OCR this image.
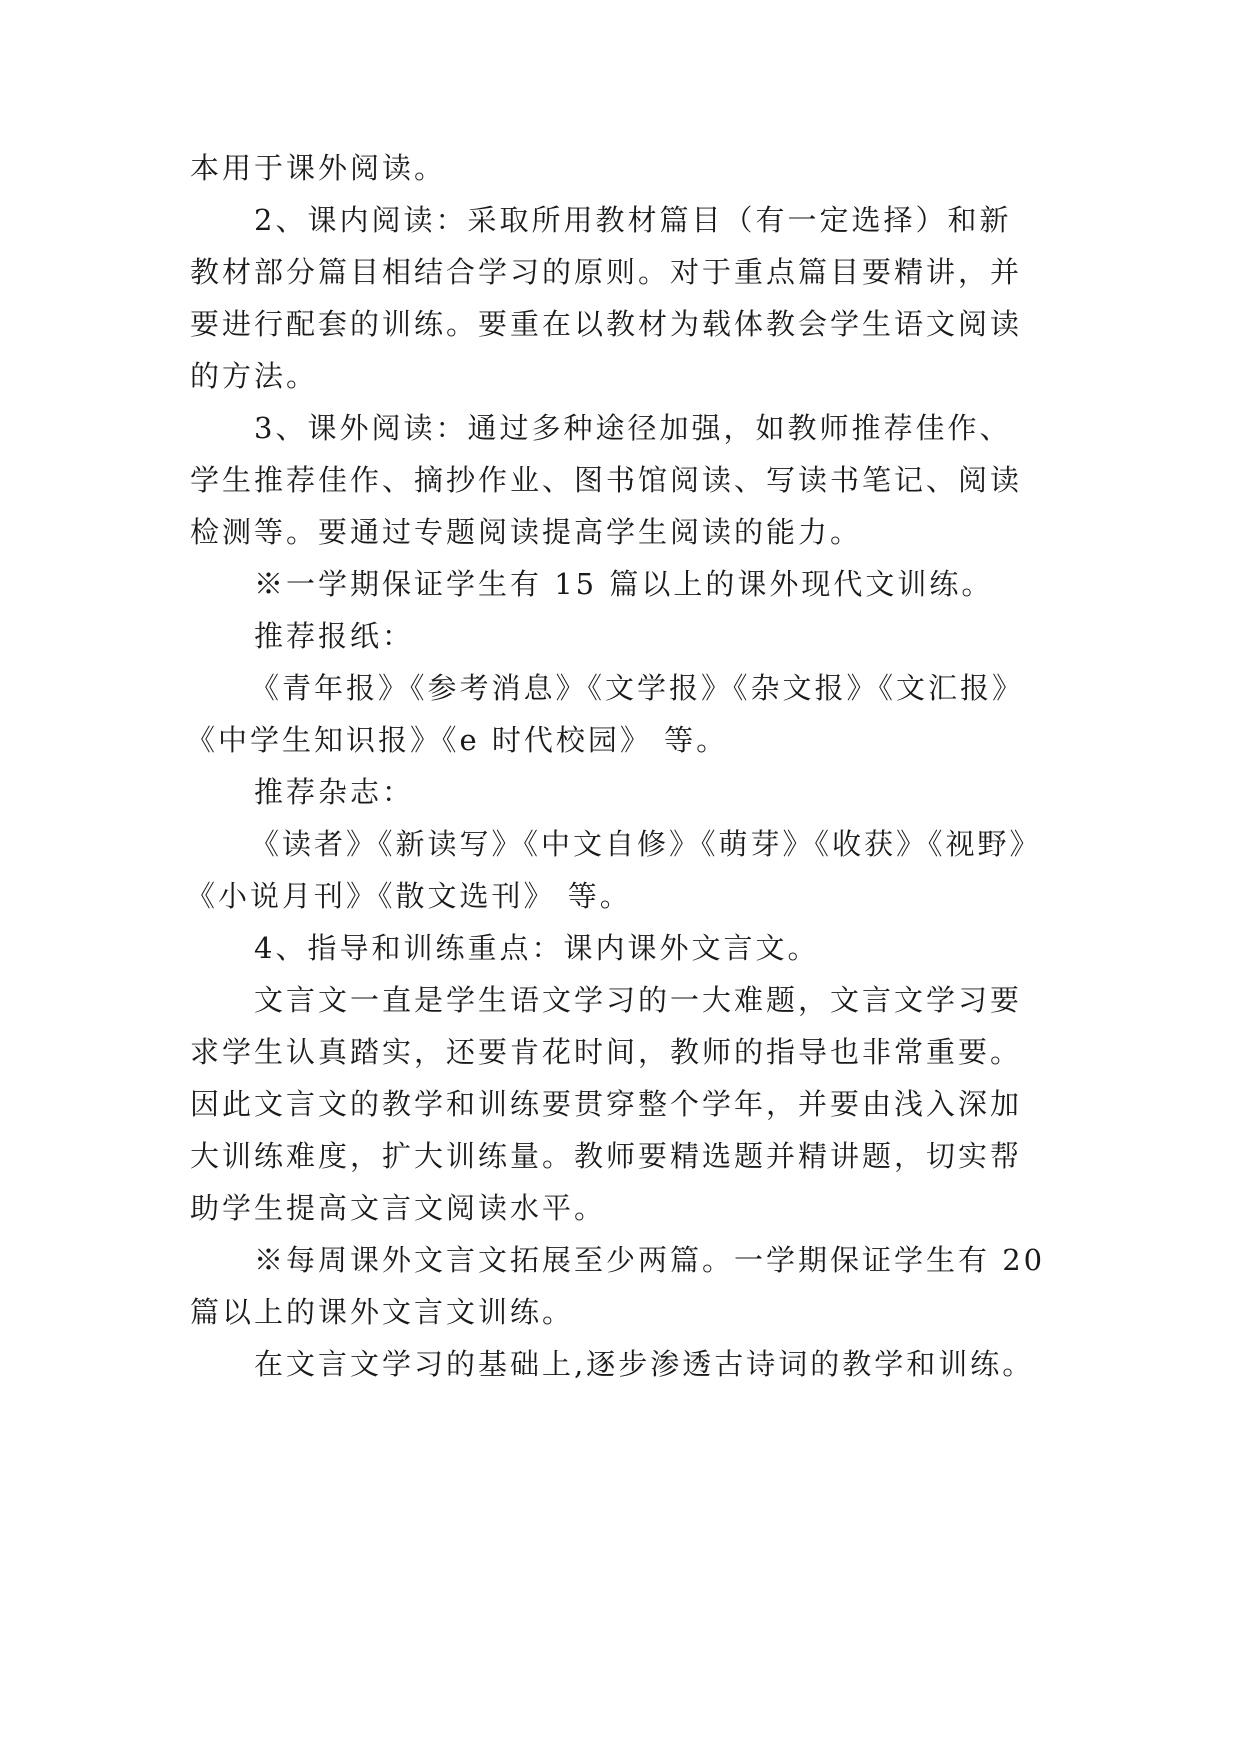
本用于课外阅读。
2、课内阅读：采取所用教材篇目（有一定选择）和新
教材部分篇目相结合学习的原则。对于重点篇目要精讲，并
要进行配套的训练。要重在以教材为载体教会学生语文阅读
的方法。
3、课外阅读：通过多种途径加强，如教师推荐佳作、
学生推荐佳作、摘抄作业、图书馆阅读、写读书笔记、阅读
检测等。要通过专题阅读提高学生阅读的能力。
※一学期保证学生有 15 篇以上的课外现代文训练。
推荐报纸：
《青年报》《参考消息》《文学报》《杂文报》《文汇报》
《中学生知识报》《e 时代校园》 等。
推荐杂志：
《读者》《新读写》《中文自修》《萌芽》《收获》《视野》
《小说月刊》《散文选刊》 等。
4、指导和训练重点：课内课外文言文。
文言文一直是学生语文学习的一大难题，文言文学习要
求学生认真踏实，还要肯花时间，教师的指导也非常重要。
因此文言文的教学和训练要贯穿整个学年，并要由浅入深加
大训练难度，扩大训练量。教师要精选题并精讲题，切实帮
助学生提高文言文阅读水平。
※每周课外文言文拓展至少两篇。一学期保证学生有 20
篇以上的课外文言文训练。
在文言文学习的基础上,逐步渗透古诗词的教学和训练。
